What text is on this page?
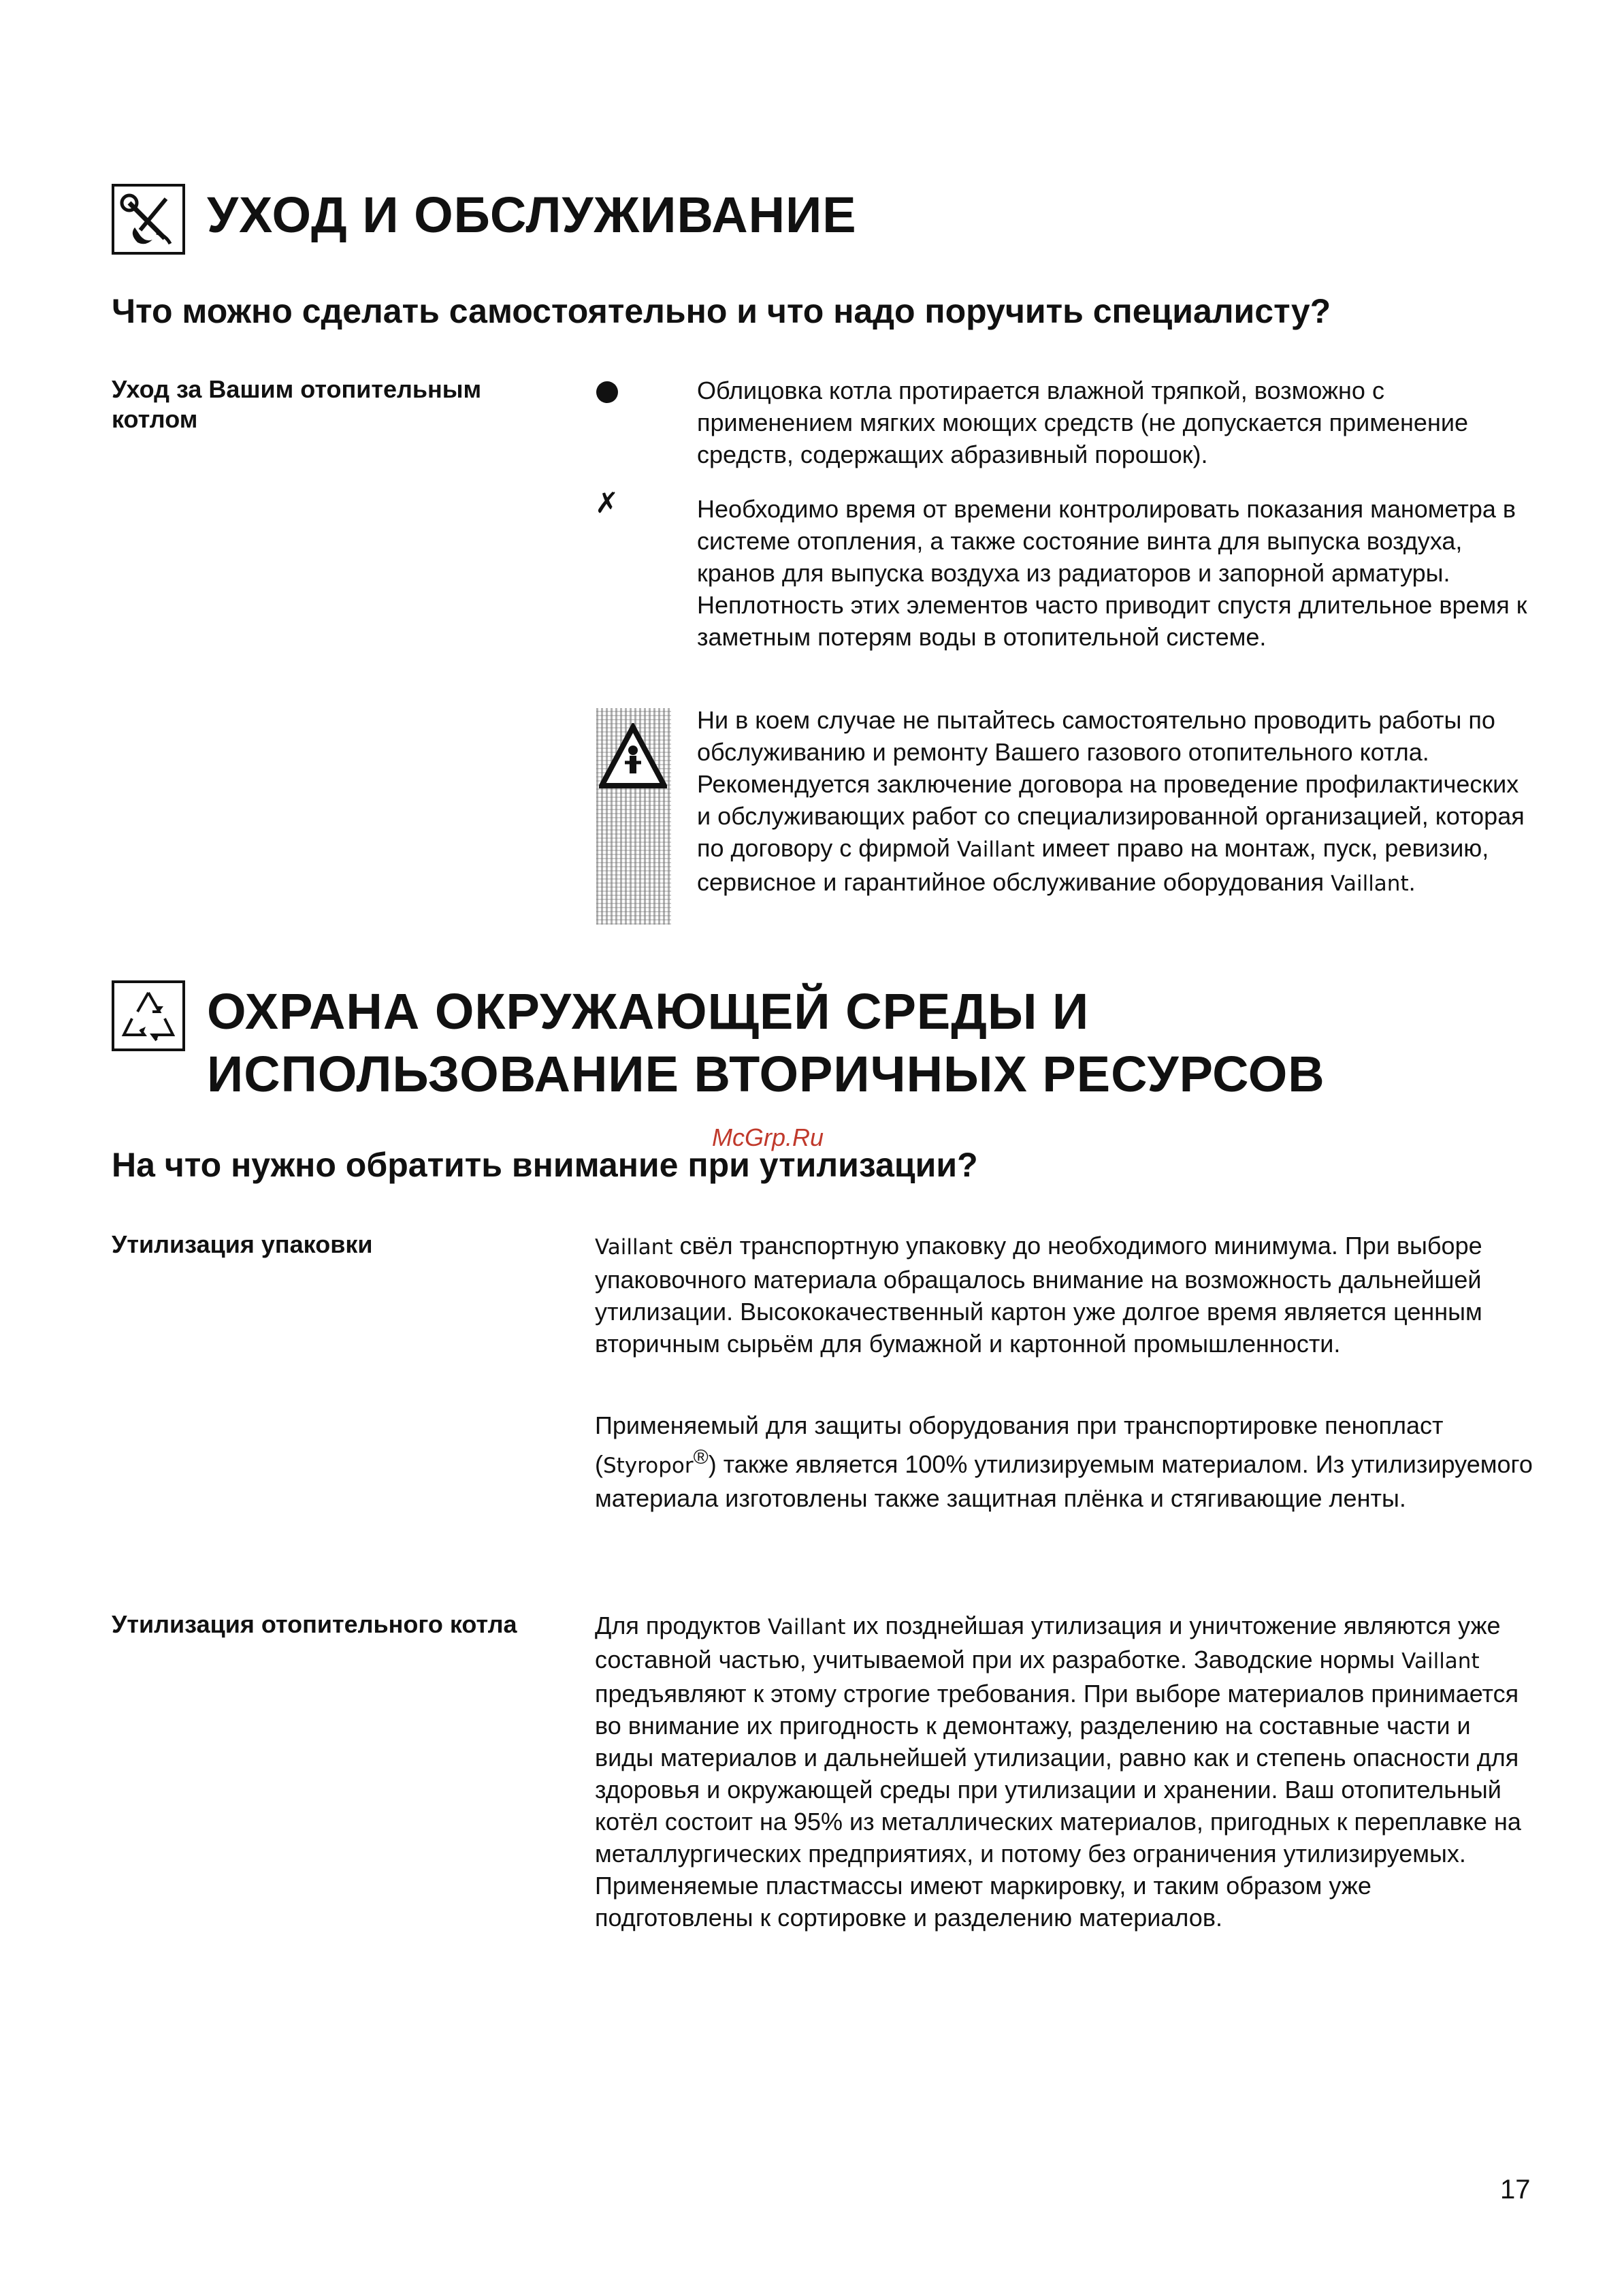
УХОД И ОБСЛУЖИВАНИЕ
Что можно сделать самостоятельно и что надо поручить специалисту?
Уход за Вашим отопительным котлом
Облицовка котла протирается влажной тряпкой, возможно с применением мягких моющих средств (не допускается применение средств, содержащих абразивный порошок).
✗	Необходимо время от времени контролировать показания манометра в системе отопления, а также состояние винта для выпуска воздуха, кранов для выпуска воздуха из радиаторов и запорной арматуры. Неплотность этих элементов часто приводит спустя длительное время к заметным потерям воды в отопительной системе.
Ни в коем случае не пытайтесь самостоятельно проводить работы по обслуживанию и ремонту Вашего газового отопительного котла. Рекомендуется заключение договора на проведение профилактических и обслуживающих работ со специализированной организацией, которая по договору с фирмой Vaillant имеет право на монтаж, пуск, ревизию, сервисное и гарантийное обслуживание оборудования Vaillant.
ОХРАНА ОКРУЖАЮЩЕЙ СРЕДЫ И
ИСПОЛЬЗОВАНИЕ ВТОРИЧНЫХ РЕСУРСОВ
McGrp.Ru
На что нужно обратить внимание при утилизации?
Утилизация упаковки	Vaillant свёл транспортную упаковку до необходимого минимума. При выборе упаковочного материала обращалось внимание на возможность дальнейшей утилизации. Высококачественный картон уже долгое время является ценным вторичным сырьём для бумажной и картонной промышленности.
Применяемый для защиты оборудования при транспортировке пенопласт (Styropor®) также является 100% утилизируемым материалом. Из утилизируемого материала изготовлены также защитная плёнка и стягивающие ленты.
Утилизация отопительного котла	Для продуктов Vaillant их позднейшая утилизация и уничтожение являются уже составной частью, учитываемой при их разработке. Заводские нормы Vaillant предъявляют к этому строгие требования. При выборе материалов принимается во внимание их пригодность к демонтажу, разделению на составные части и виды материалов и дальнейшей утилизации, равно как и степень опасности для здоровья и окружающей среды при утилизации и хранении. Ваш отопительный котёл состоит на 95% из металлических материалов, пригодных к переплавке на металлургических предприятиях, и потому без ограничения утилизируемых. Применяемые пластмассы имеют маркировку, и таким образом уже подготовлены к сортировке и разделению материалов.
17
